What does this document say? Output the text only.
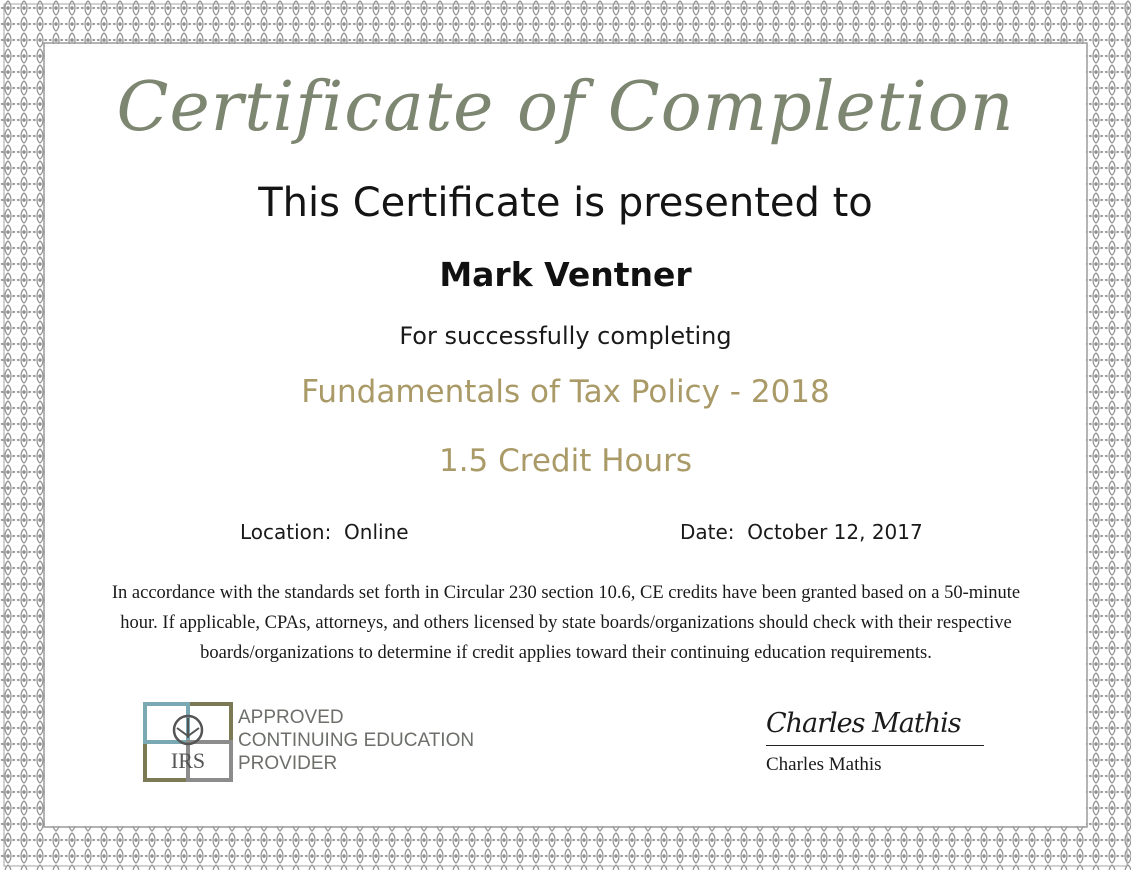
Certificate of Completion
This Certificate is presented to
Mark Ventner
For successfully completing
Fundamentals of Tax Policy - 2018
1.5 Credit Hours
Location:  Online	Date:  October 12, 2017
In accordance with the standards set forth in Circular 230 section 10.6, CE credits have been granted based on a 50-minute hour. If applicable, CPAs, attorneys, and others licensed by state boards/organizations should check with their respective boards/organizations to determine if credit applies toward their continuing education requirements.
IRS
APPROVED
CONTINUING EDUCATION
PROVIDER
Charles Mathis
Charles Mathis
